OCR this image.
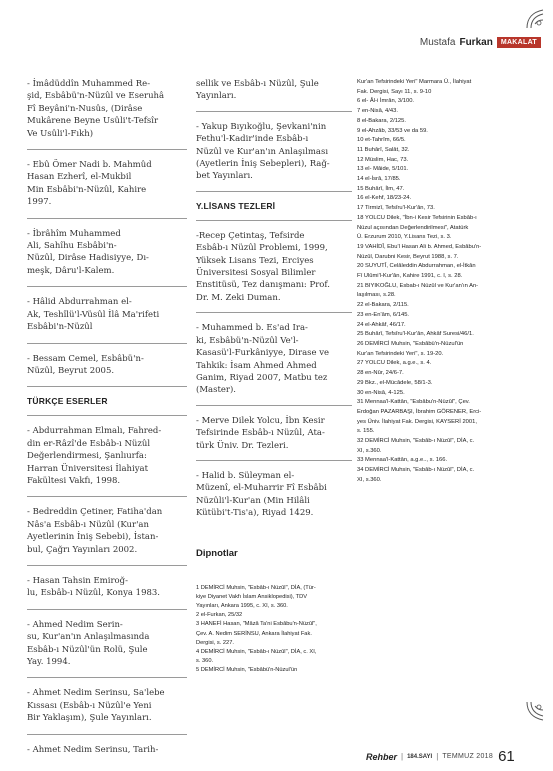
Mustafa Furkan	MAKALAT
- İmâdüddîn Muhammed Re-
şid, Esbâbü'n-Nüzûl ve Eseruhâ
Fî Beyâni'n-Nusûs, (Dirâse
Mukârene Beyne Usûli't-Tefsîr
Ve Usûli'l-Fıkh)
- Ebû Ömer Nadi b. Mahmûd
Hasan Ezherî, el-Mukbil
Min Esbâbi'n-Nüzûl, Kahire
1997.
- İbrâhîm Muhammed
Ali, Sahîhu Esbâbi'n-
Nüzûl, Dirâse Hadisiyye, Dı-
meşk, Dâru'l-Kalem.
- Hâlid Abdurrahman el-
Ak, Teshîlü'l-Vüsûl İlâ Ma'rifeti
Esbâbi'n-Nüzûl
- Bessam Cemel, Esbâbü'n-
Nüzûl, Beyrut 2005.
TÜRKÇE ESERLER
- Abdurrahman Elmalı, Fahred-
din er-Râzî'de Esbâb-ı Nüzûl
Değerlendirmesi, Şanlıurfa:
Harran Üniversitesi İlahiyat
Fakültesi Vakfı, 1998.
- Bedreddin Çetiner, Fatiha'dan
Nâs'a Esbâb-ı Nüzûl (Kur'an
Ayetlerinin İniş Sebebi), İstan-
bul, Çağrı Yayınları 2002.
- Hasan Tahsin Emiroğ-
lu, Esbâb-ı Nüzûl, Konya 1983.
- Ahmed Nedim Serin-
su, Kur'an'ın Anlaşılmasında
Esbâb-ı Nüzûl'ün Rolü, Şule
Yay. 1994.
- Ahmet Nedim Serinsu, Sa'lebe
Kıssası (Esbâb-ı Nüzûl'e Yeni
Bir Yaklaşım), Şule Yayınları.
- Ahmet Nedim Serinsu, Tarih-
sellik ve Esbâb-ı Nüzûl, Şule
Yayınları.
- Yakup Bıyıkoğlu, Şevkani'nin
Fethu'l-Kadir'inde Esbâb-ı
Nüzûl ve Kur'an'ın Anlaşılması
(Ayetlerin İniş Sebepleri), Rağ-
bet Yayınları.
Y.LİSANS TEZLERİ
-Recep Çetintaş, Tefsirde
Esbâb-ı Nüzûl Problemi, 1999,
Yüksek Lisans Tezi, Erciyes
Üniversitesi Sosyal Bilimler
Enstitüsü, Tez danışmanı: Prof.
Dr. M. Zeki Duman.
- Muhammed b. Es'ad Ira-
ki, Esbâbü'n-Nüzûl Ve'l-
Kasasü'l-Furkâniyye, Dirase ve
Tahkik: İsam Ahmed Ahmed
Ganim, Riyad 2007, Matbu tez
(Master).
- Merve Dilek Yolcu, İbn Kesir
Tefsirinde Esbâb-ı Nüzûl, Ata-
türk Üniv. Dr. Tezleri.
- Halid b. Süleyman el-
Müzenî, el-Muharrir Fî Esbâbi
Nüzûli'l-Kur'an (Min Hilâli
Kütübi't-Tis'a), Riyad 1429.
Dipnotlar
1 DEMİRCİ Muhsin, "Esbâb-ı Nüzûl", DİA, (Tür-
kiye Diyanet Vakfı İslam Ansiklopedisi), TDV
Yayınları, Ankara 1995, c. XI, s. 360.
2 el-Furkan, 25/32
3 HANEFİ Hasan, "Mâzâ Ta'ni Esbâbu'n-Nüzûl",
Çev. A. Nedim SERİNSU, Ankara İlahiyat Fak.
Dergisi, s. 227.
4 DEMİRCİ Muhsin, "Esbâb-ı Nüzûl", DİA, c. XI,
s. 360.
5 DEMİRCİ Muhsin, "Esbâbü'n-Nüzul'ün
Kur'an Tefsirindeki Yeri" Marmara Ü., İlahiyat
Fak. Dergisi, Sayı 11, s. 9-10
6 el- Âl-i İmrân, 3/100.
7 en-Nisâ, 4/43.
8 el-Bakara, 2/125.
9 el-Ahzâb, 33/53 ve da 59.
10 et-Tahrîm, 66/5.
11 Buhârî, Salât, 32.
12 Müslim, Hac, 73.
13 el- Mâide, 5/101.
14 el-İsrâ, 17/85.
15 Buhârî, İlm, 47.
16 el-Kehf, 18/23-24.
17 Tirmizî, Tefsîru'l-Kur'ân, 73.
18 YOLCU Dilek, "İbn-i Kesir Tefsirinin Esbâb-ı
Nüzul açısından Değerlendirilmesi", Atatürk
Ü. Erzurum 2010, Y.Lisans Tezi, s. 3.
19 VAHİDÎ, Ebu'l Hasan Ali b. Ahmed, Esbâbu'n-
Nüzûl, Darubni Kesir, Beyrut 1988, s. 7.
20 SUYUTÎ, Celâleddin Abdurrahman, el-İtkân
Fî Ulûmi'l-Kur'ân, Kahire 1991, c. I, s. 28.
21 BIYIKOĞLU, Esbab-ı Nüzûl ve Kur'an'ın An-
laşılması, s.28.
22 el-Bakara, 2/115.
23 en-En'âm, 6/145.
24 el-Ahkâf, 46/17.
25 Buhârî, Tefsîru'l-Kur'ân, Ahkâf Suresi/46/1.
26 DEMİRCİ Muhsin, "Esbâbü'n-Nüzul'ün
Kur'an Tefsirindeki Yeri", s. 19-20.
27 YOLCU Dilek, a.g.e., s. 4.
28 en-Nûr, 24/6-7.
29 Bkz., el-Mücâdele, 58/1-3.
30 en-Nisâ, 4-125.
31 Mennaa'l-Kattân, "Esbâbu'n-Nüzûl", Çev.
Erdoğan PAZARBAŞI, İbrahim GÖRENER, Erci-
yes Üniv. İlahiyat Fak. Dergisi, KAYSERİ 2001,
s. 155.
32 DEMİRCİ Muhsin, "Esbâb-ı Nüzûl", DİA, c.
XI, s.360.
33 Mennaa'l-Kattân, a.g.e.., s. 166.
34 DEMİRCİ Muhsin, "Esbâb-ı Nüzûl", DİA, c.
XI, s.360.
Rehber | 184.SAYI | TEMMUZ 2018 61
